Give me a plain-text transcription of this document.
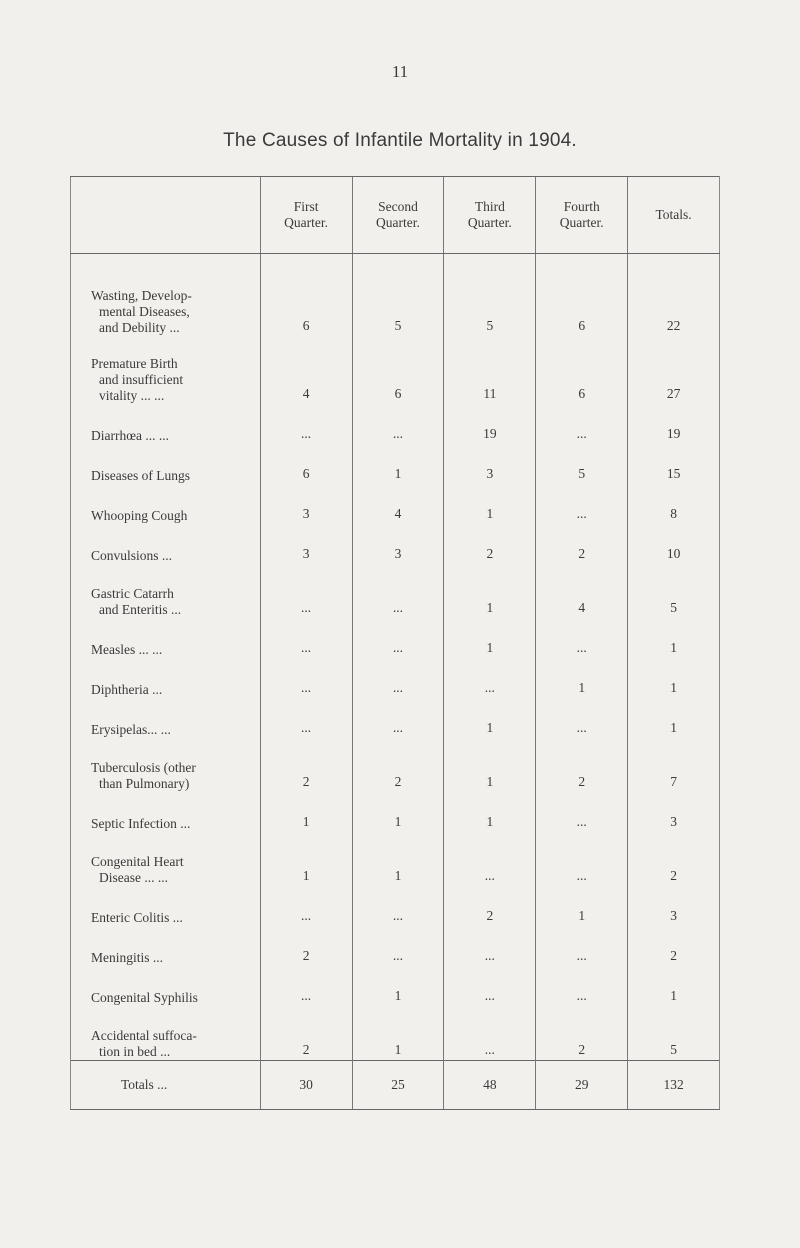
11
The Causes of Infantile Mortality in 1904.
	First Quarter.	Second Quarter.	Third Quarter.	Fourth Quarter.	Totals.

Wasting, Develop-
mental Diseases,
and Debility ...	6	5	5	6	22

Premature Birth
and insufficient
vitality ... ...	4	6	11	6	27

Diarrhœa ... ...	...	...	19	...	19

Diseases of Lungs	6	1	3	5	15

Whooping Cough	3	4	1	...	8

Convulsions ...	3	3	2	2	10

Gastric Catarrh
and Enteritis ...	...	...	1	4	5

Measles ... ...	...	...	1	...	1

Diphtheria ...	...	...	...	1	1

Erysipelas... ...	...	...	1	...	1

Tuberculosis (other
than Pulmonary)	2	2	1	2	7

Septic Infection ...	1	1	1	...	3

Congenital Heart
Disease ... ...	1	1	...	...	2

Enteric Colitis ...	...	...	2	1	3

Meningitis ...	2	...	...	...	2

Congenital Syphilis	...	1	...	...	1

Accidental suffoca-
tion in bed ...	2	1	...	2	5

Totals ...	30	25	48	29	132
